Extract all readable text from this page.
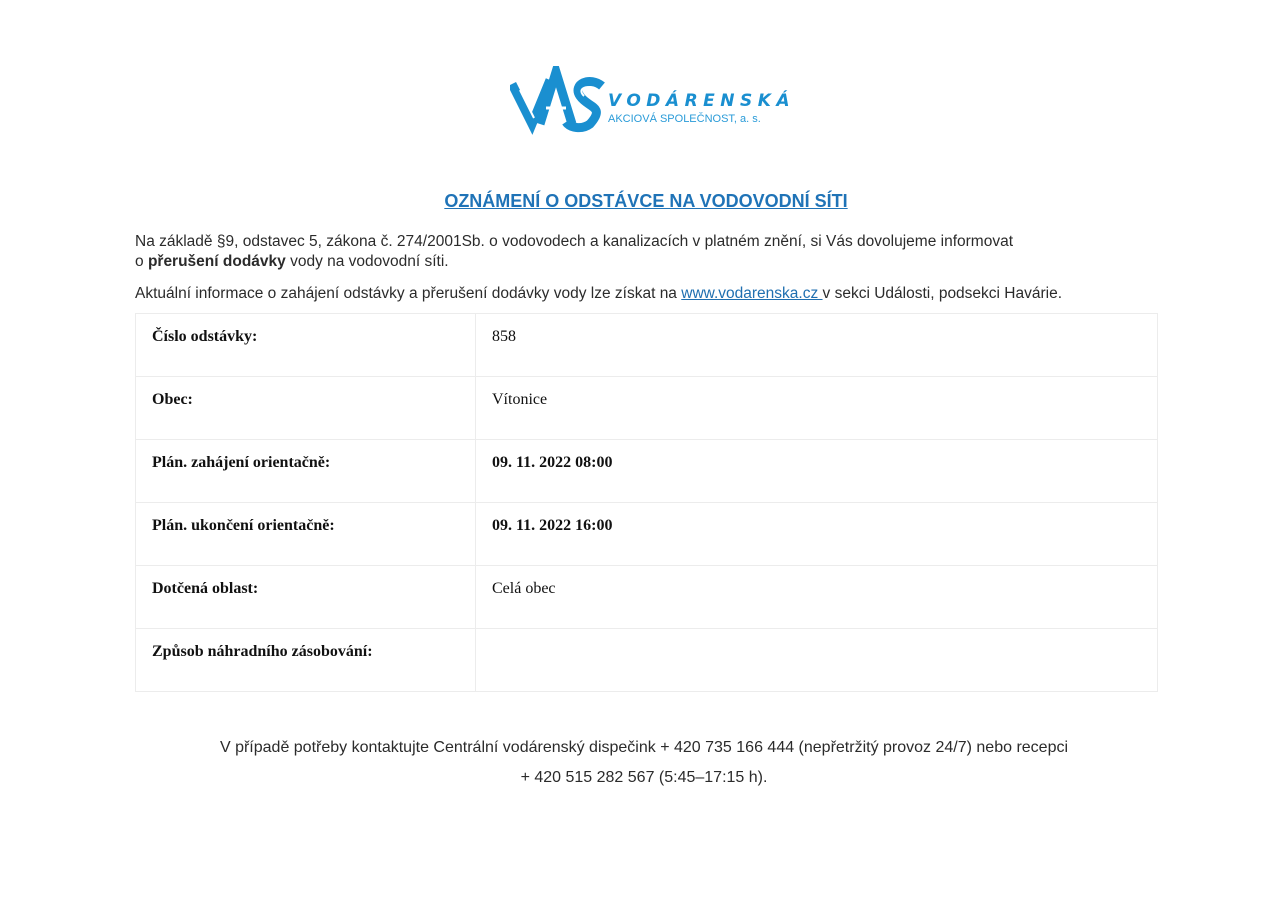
VODÁRENSKÁ
AKCIOVÁ SPOLEČNOST, a. s.
OZNÁMENÍ O ODSTÁVCE NA VODOVODNÍ SÍTI
Na základě §9, odstavec 5, zákona č. 274/2001Sb. o vodovodech a kanalizacích v platném znění, si Vás dovolujeme informovat
o přerušení dodávky vody na vodovodní síti.
Aktuální informace o zahájení odstávky a přerušení dodávky vody lze získat na www.vodarenska.cz v sekci Události, podsekci Havárie.
Číslo odstávky:	858
Obec:	Vítonice
Plán. zahájení orientačně:	09. 11. 2022 08:00
Plán. ukončení orientačně:	09. 11. 2022 16:00
Dotčená oblast:	Celá obec
Způsob náhradního zásobování:	
V případě potřeby kontaktujte Centrální vodárenský dispečink + 420 735 166 444 (nepřetržitý provoz 24/7) nebo recepci
+ 420 515 282 567 (5:45–17:15 h).
